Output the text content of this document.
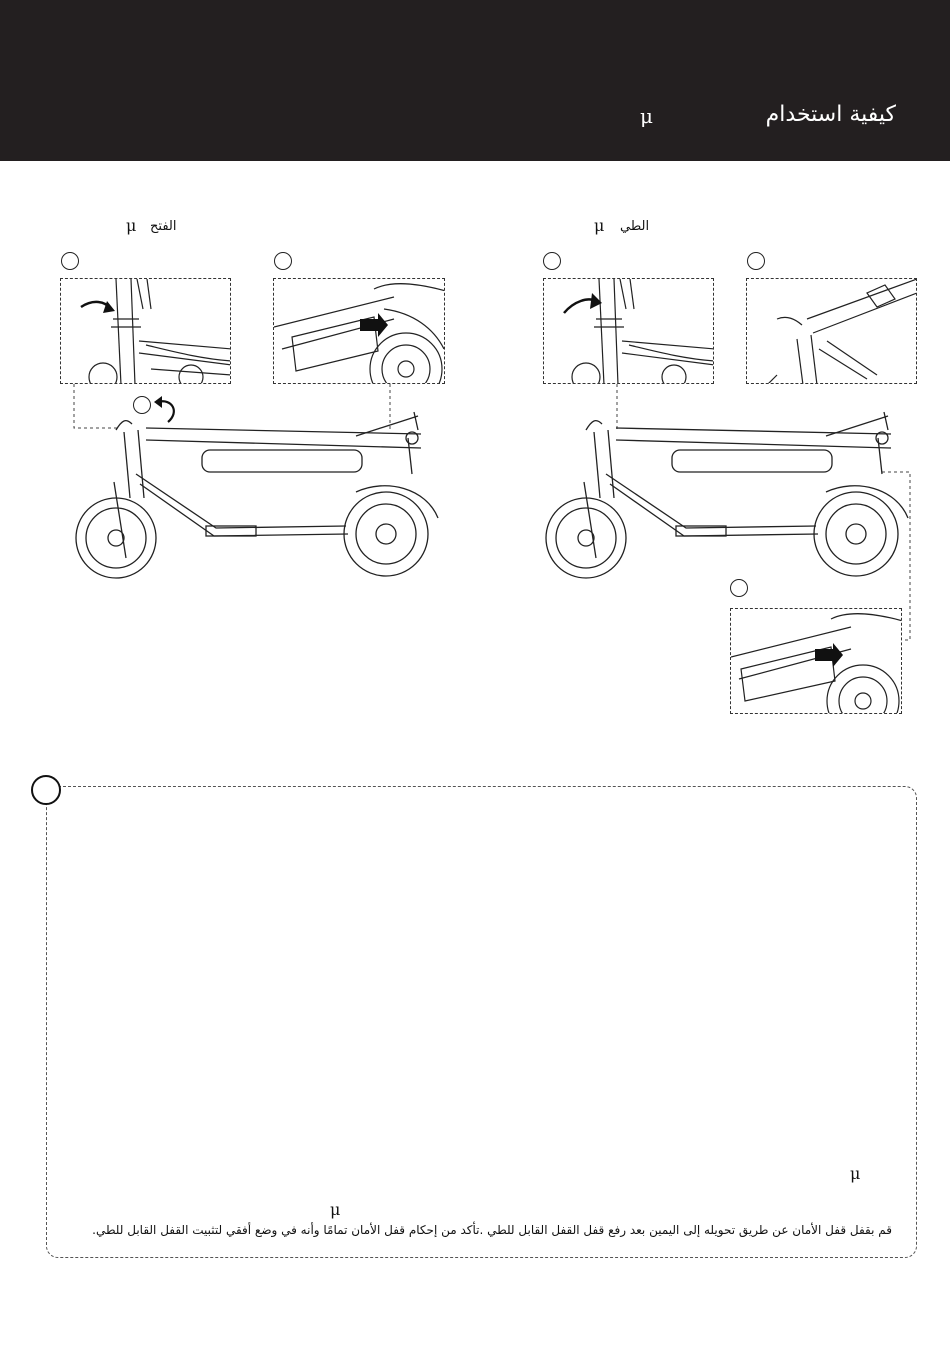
كيفية استخدام
μ
الفتح
μ	الطي
μ
μ
μ
قم بقفل قفل الأمان عن طريق تحويله إلى اليمين بعد رفع قفل القفل القابل للطي .تأكد من إحكام قفل الأمان تمامًا وأنه في وضع أفقي لتثبيت القفل القابل للطي.
